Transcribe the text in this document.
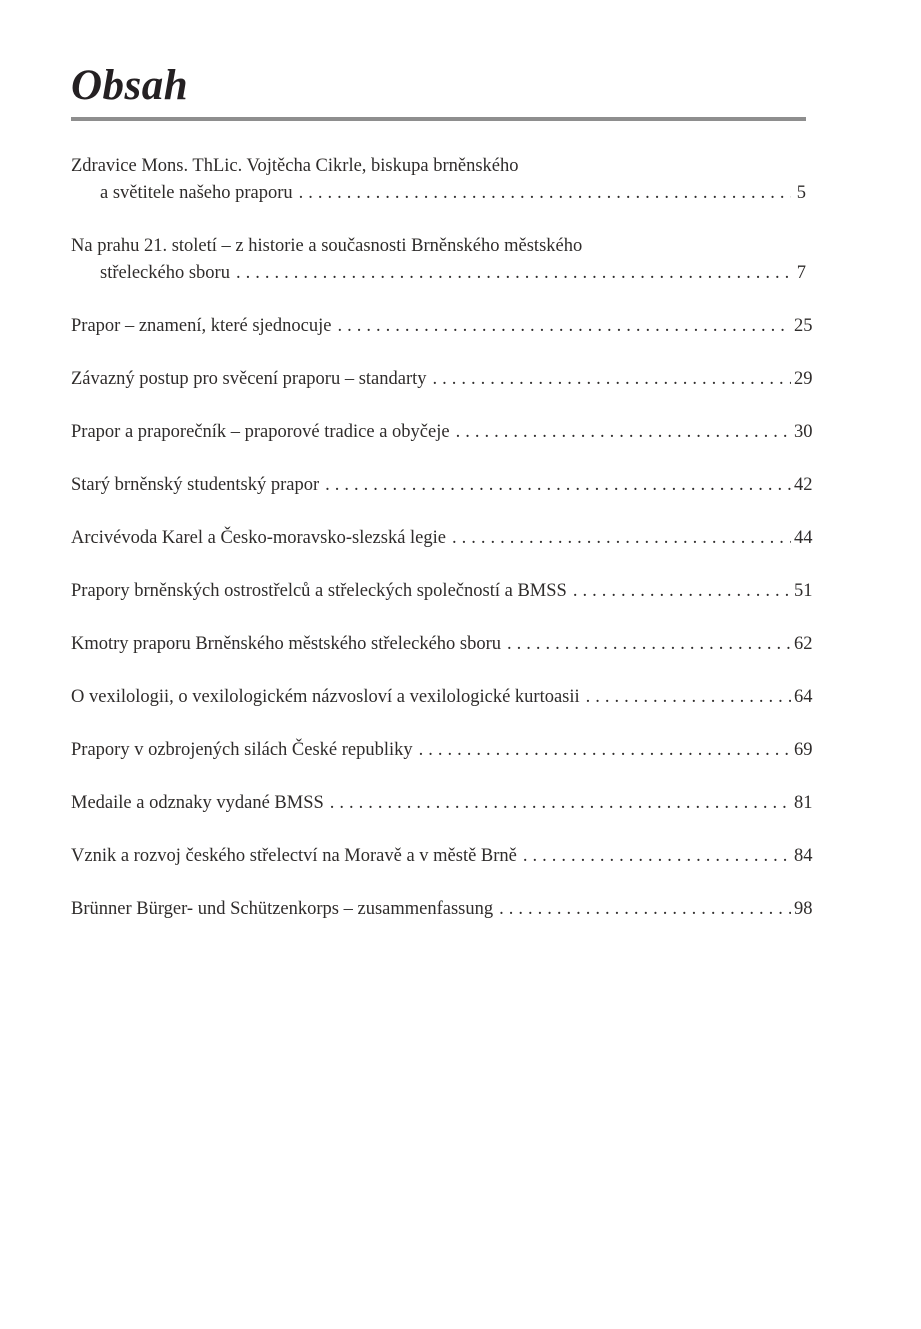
Obsah
Zdravice Mons. ThLic. Vojtěcha Cikrle, biskupa brněnského
a světitele našeho praporu .....	5
Na prahu 21. století – z historie a současnosti Brněnského městského
střeleckého sboru .....	7
Prapor – znamení, které sjednocuje .....	25
Závazný postup pro svěcení praporu – standarty .....	29
Prapor a praporečník – praporové tradice a obyčeje .....	30
Starý brněnský studentský prapor .....	42
Arcivévoda Karel a Česko-moravsko-slezská legie .....	44
Prapory brněnských ostrostřelců a střeleckých společností a BMSS .....	51
Kmotry praporu Brněnského městského střeleckého sboru .....	62
O vexilologii, o vexilologickém názvosloví a vexilologické kurtoasii .....	64
Prapory v ozbrojených silách České republiky .....	69
Medaile a odznaky vydané BMSS .....	81
Vznik a rozvoj českého střelectví na Moravě a v městě Brně .....	84
Brünner Bürger- und Schützenkorps – zusammenfassung .....	98
